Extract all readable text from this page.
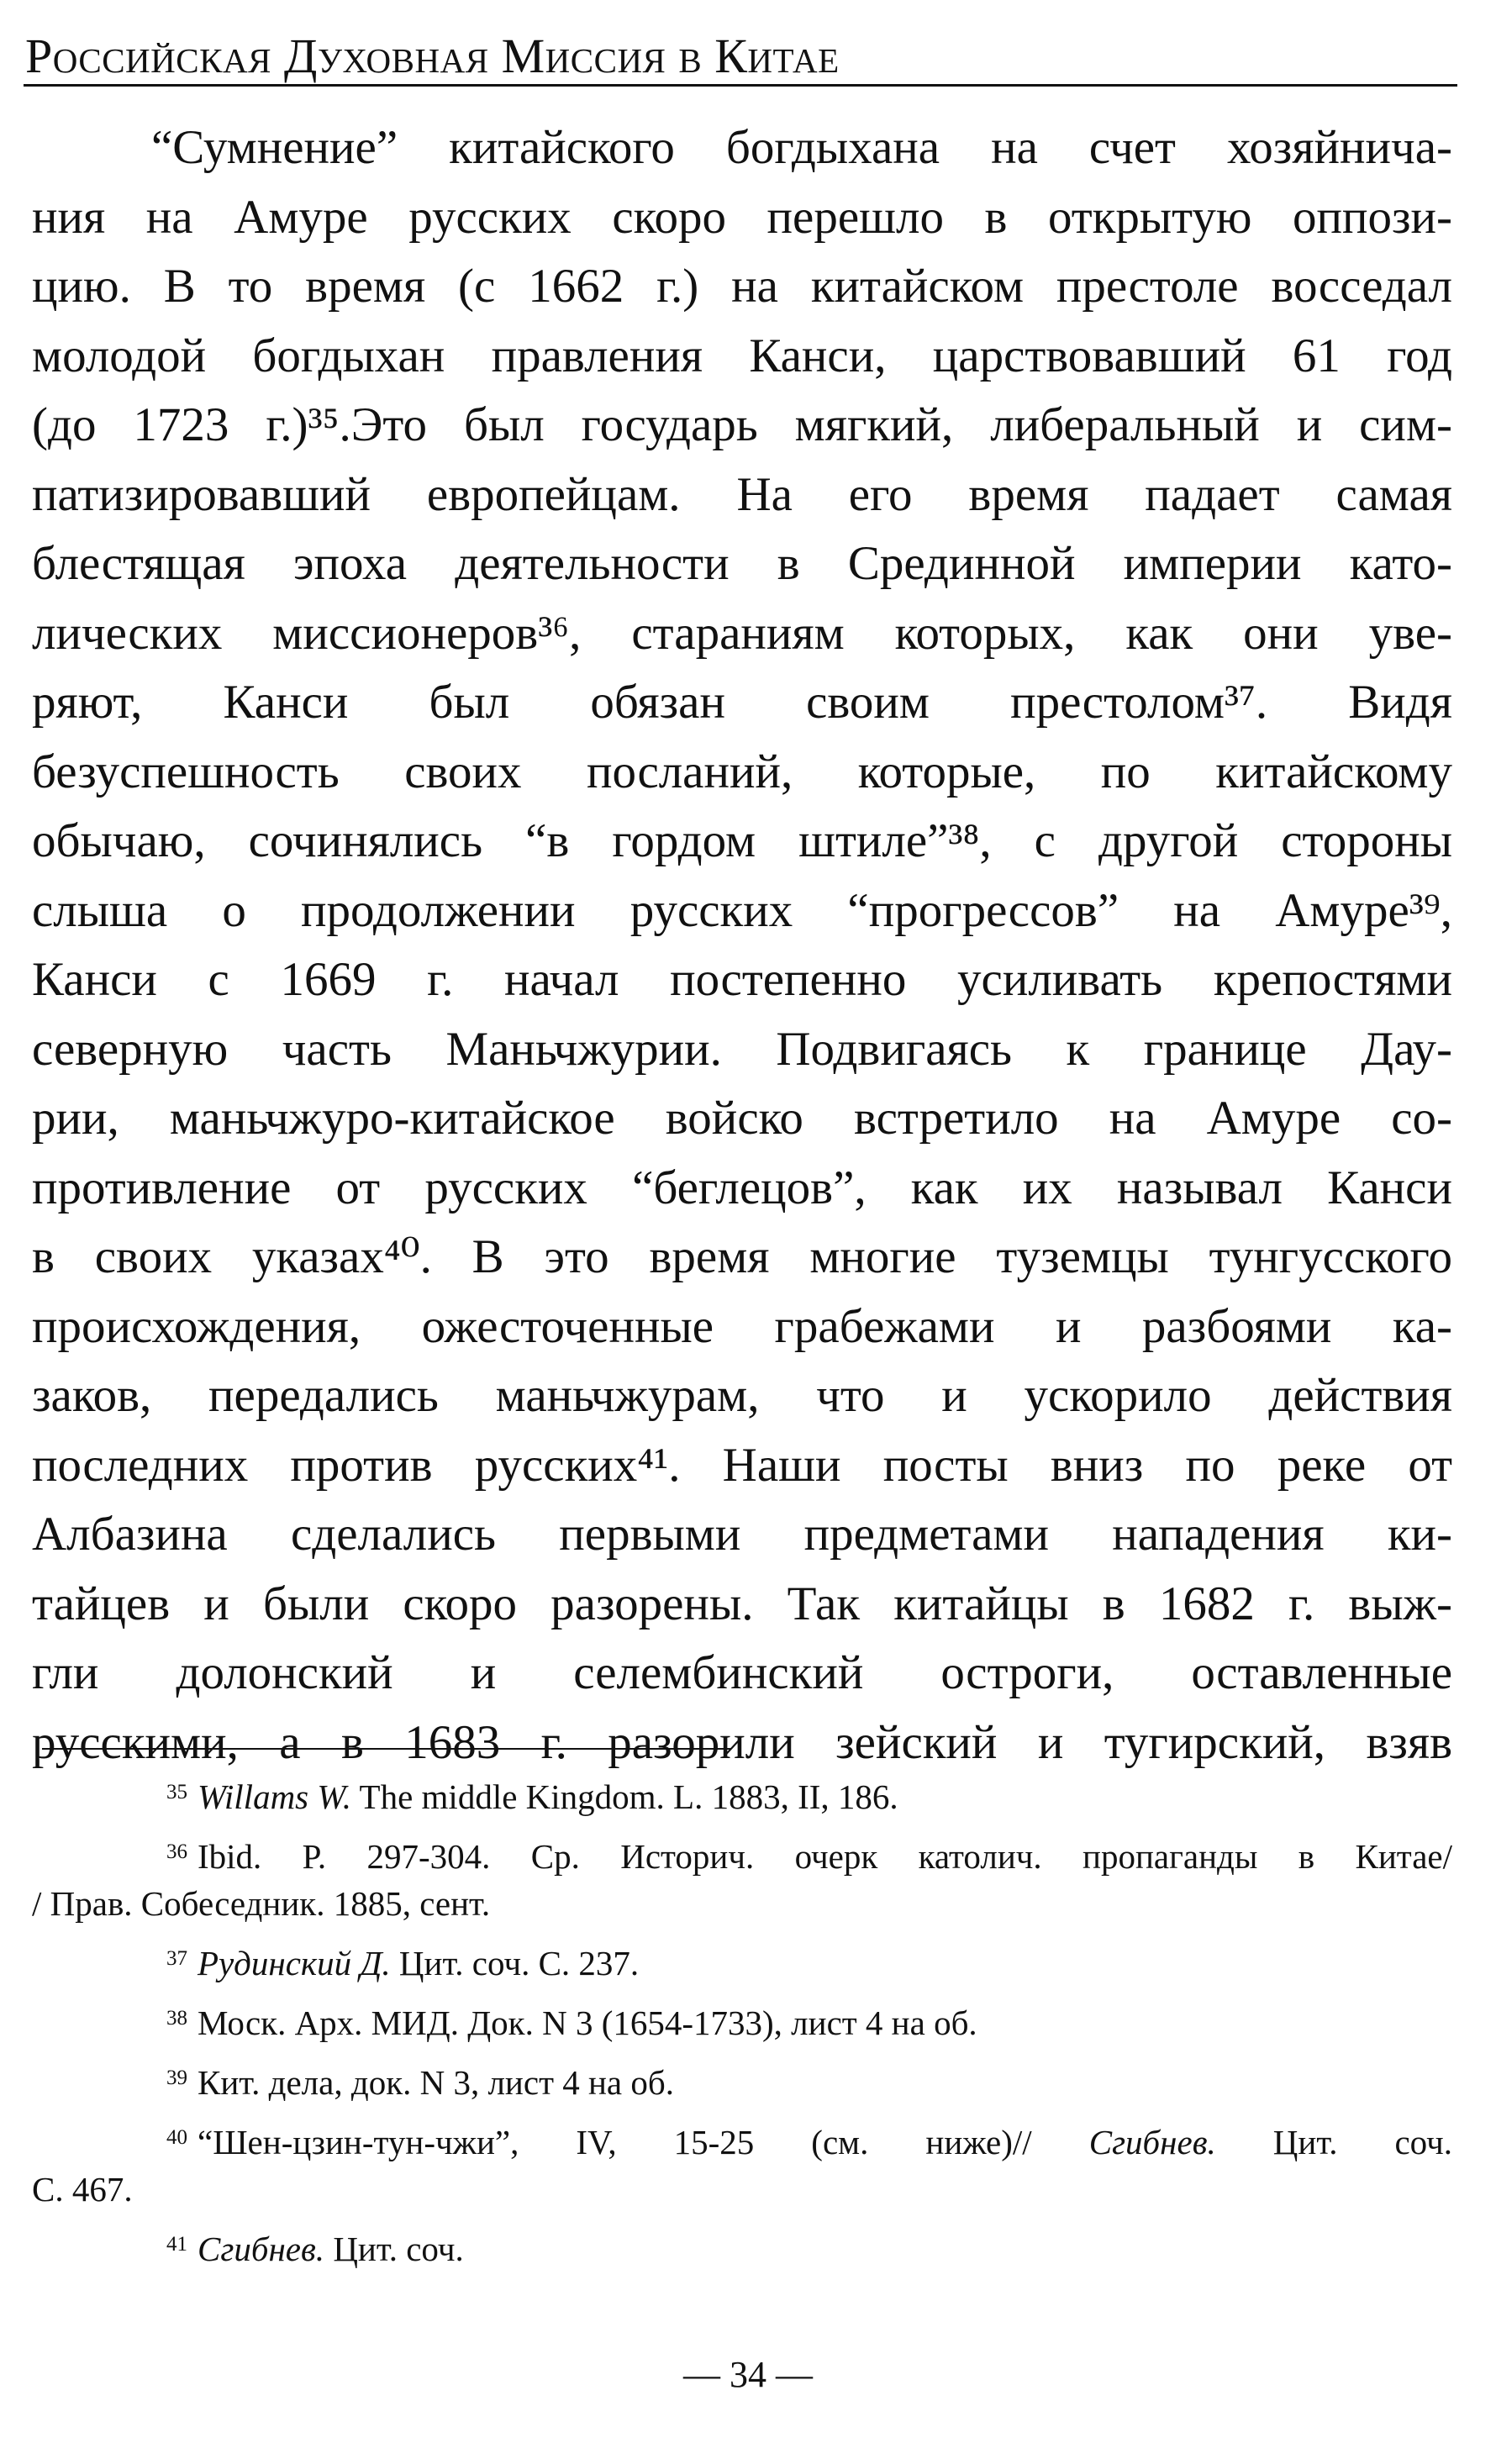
Российская Духовная Миссия в Китае
“Сумнение” китайского богдыхана на счет хозяйнича-
ния на Амуре русских скоро перешло в открытую оппози-
цию. В то время (с 1662 г.) на китайском престоле восседал
молодой богдыхан правления Канси, царствовавший 61 год
(до 1723 г.)³⁵.Это был государь мягкий, либеральный и сим-
патизировавший европейцам. На его время падает самая
блестящая эпоха деятельности в Срединной империи като-
лических миссионеров³⁶, стараниям которых, как они уве-
ряют, Канси был обязан своим престолом³⁷. Видя
безуспешность своих посланий, которые, по китайскому
обычаю, сочинялись “в гордом штиле”³⁸, с другой стороны
слыша о продолжении русских “прогрессов” на Амуре³⁹,
Канси с 1669 г. начал постепенно усиливать крепостями
северную часть Маньчжурии. Подвигаясь к границе Дау-
рии, маньчжуро-китайское войско встретило на Амуре со-
противление от русских “беглецов”, как их называл Канси
в своих указах⁴⁰. В это время многие туземцы тунгусского
происхождения, ожесточенные грабежами и разбоями ка-
заков, передались маньчжурам, что и ускорило действия
последних против русских⁴¹. Наши посты вниз по реке от
Албазина сделались первыми предметами нападения ки-
тайцев и были скоро разорены. Так китайцы в 1682 г. выж-
гли долонский и селембинский остроги, оставленные
русскими, а в 1683 г. разорили зейский и тугирский, взяв
$^{35}$ Willams W. The middle Kingdom. L. 1883, II, 186.
$^{36}$ Ibid. P. 297-304. Ср. Историч. очерк католич. пропаганды в Китае/
/ Прав. Собеседник. 1885, сент.
$^{37}$ Рудинский Д. Цит. соч. С. 237.
$^{38}$ Моск. Арх. МИД. Док. N 3 (1654-1733), лист 4 на об.
$^{39}$ Кит. дела, док. N 3, лист 4 на об.
$^{40}$ “Шен-цзин-тун-чжи”, IV, 15-25 (см. ниже)// Сгибнев. Цит. соч.
С. 467.
$^{41}$ Сгибнев. Цит. соч.
— 34 —
